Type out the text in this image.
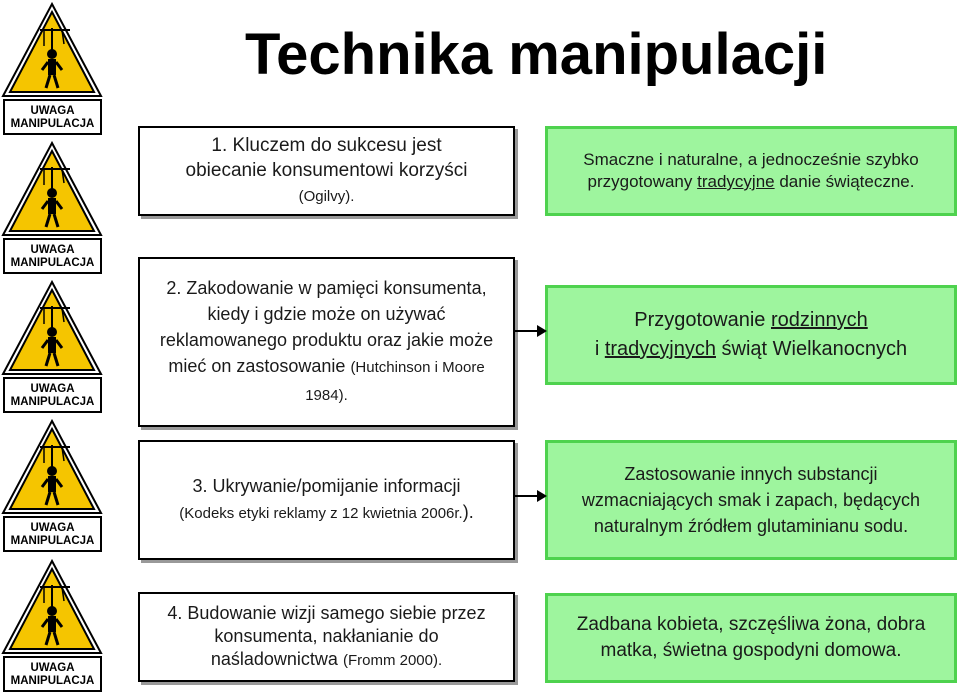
Technika manipulacji
UWAGA
MANIPULACJA
UWAGA
MANIPULACJA
UWAGA
MANIPULACJA
UWAGA
MANIPULACJA
UWAGA
MANIPULACJA
1. Kluczem do sukcesu jest obiecanie konsumentowi korzyści (Ogilvy).
2. Zakodowanie w pamięci konsumenta, kiedy i gdzie może on używać reklamowanego produktu oraz jakie może mieć on zastosowanie (Hutchinson i Moore 1984).
3. Ukrywanie/pomijanie informacji (Kodeks etyki reklamy z 12 kwietnia 2006r.).
4. Budowanie wizji samego siebie przez konsumenta, nakłanianie do naśladownictwa (Fromm 2000).
Smaczne i naturalne, a jednocześnie szybko przygotowany tradycyjne danie świąteczne.
Przygotowanie rodzinnych
i tradycyjnych świąt Wielkanocnych
Zastosowanie innych substancji wzmacniających smak i zapach, będących naturalnym źródłem glutaminianu sodu.
Zadbana kobieta, szczęśliwa żona, dobra matka, świetna gospodyni domowa.
